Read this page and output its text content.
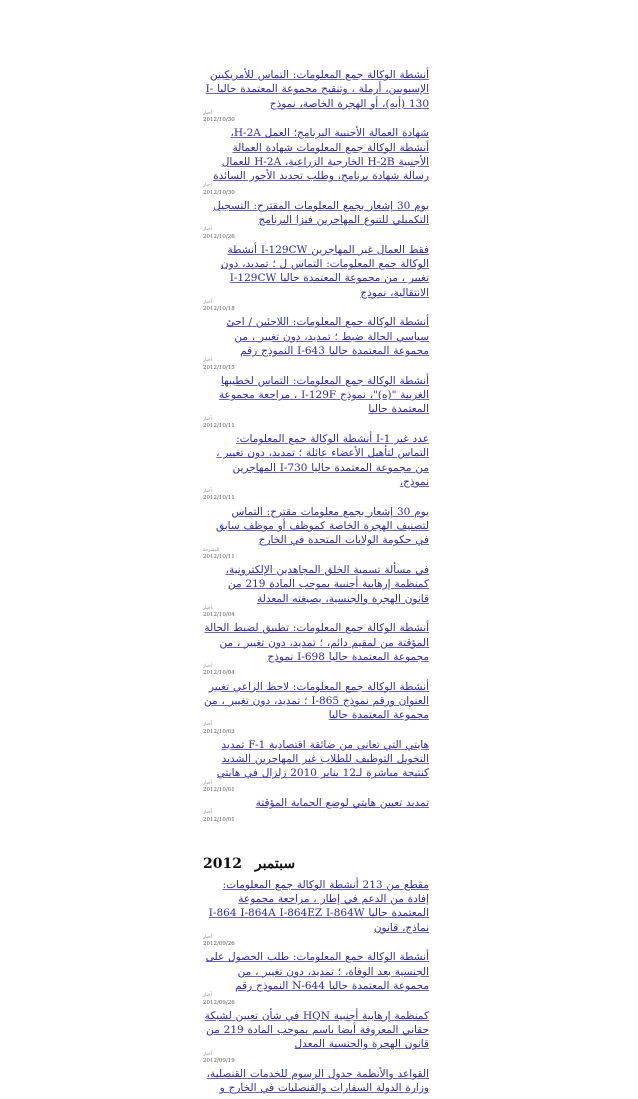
أنشطة الوكالة جمع المعلومات: التماس للأمريكيين الإسبويين، أرملة ، وتنقيح مجموعة المعتمدة حاليا I-130 (أبه)، أو الهجرة الخاصة، نموذج
أخبار
2012/10/30
شهادة العمالة الأجنبية البرنامج؛ العمل H-2A، أنشطة الوكالة جمع المعلومات شهادة العمالة الأجنبية H-2B الخارجية الزراعية، H-2A للعمال رسالة شهادة برنامج، وطلب تحديد الأجور السائدة
أخبار
2012/10/30
يوم 30 إشعار بجمع المعلومات المقترح: التسجيل التكميلي للتنوع المهاجرين فيزا البرنامج
أخبار
2012/10/26
فقط العمال غير المهاجرين I-129CW أنشطة الوكالة جمع المعلومات: التماس ل ؛ تمديد، دون تغيير ، من مجموعة المعتمدة حاليا I-129CW الانتقالية، نموذج
أخبار
2012/10/18
أنشطة الوكالة جمع المعلومات: اللاجئين / اجئ سياسي الحالة ضبط ؛ تمديد، دون تغيير ، من مجموعة المعتمدة حاليا I-643 النموذج رقم
أخبار
2012/10/15
أنشطة الوكالة جمع المعلومات: التماس لخطيبها الغربية "(ه)"، نموذج I-129F ، مراجعة مجموعة المعتمدة حاليا
أخبار
2012/10/11
عدد غير I-1 أنشطة الوكالة جمع المعلومات: التماس لتأهيل الأعضاء عائلة ؛ تمديد، دون تغيير ، من مجموعة المعتمدة حاليا I-730 المهاجرين نموذج،
أخبار
2012/10/11
يوم 30 إشعار بجمع معلومات مقترح: التماس لتصنيف الهجرة الخاصة كموظف أو موظف سابق في حكومة الولايات المتحدة في الخارج
المقترحة
2012/10/11
في مسألة تسمية الخلق المجاهدين الإلكترونية، كمنظمة إرهابية أجنبية بموجب المادة 219 من قانون الهجرة والجنسية، بصيغته المعدلة
أخبار
2012/10/04
أنشطة الوكالة جمع المعلومات: تطبيق لضبط الحالة المؤقتة من لمقيم دائم، ؛ تمديد، دون تغيير ، من مجموعة المعتمدة حاليا I-698 نموذج
أخبار
2012/10/04
أنشطة الوكالة جمع المعلومات: لاحظ الراعي تغيير العنوان ورقم نموذج I-865 ؛ تمديد، دون تغيير ، من مجموعة المعتمدة حاليا
أخبار
2012/10/03
هايتي التي تعاني من ضائقة اقتصادية F-1 تمديد التخويل التوظيف للطلاب غير المهاجرين الشديد كنتيجة مباشرة لـ12 يناير 2010 زلزال في هايتي
أخبار
2012/10/01
تمديد تعيين هايتي لوضع الحماية المؤقتة
أخبار
2012/10/01
سبتمبر 2012
مقطع من 213 أنشطة الوكالة جمع المعلومات: إفادة من الدعم في إطار ، مراجعة مجموعة المعتمدة حاليا I-864 I-864A I-864EZ I-864W نماذج، قانون
أخبار
2012/09/26
أنشطة الوكالة جمع المعلومات: طلب الحصول على الجنسية بعد الوفاة، ؛ تمديد، دون تغيير ، من مجموعة المعتمدة حاليا N-644 النموذج رقم
أخبار
2012/09/26
كمنظمة إرهابية أجنبية HQN في شأن تعيين لشبكة حقاني المعروفة أيضا باسم بموجب المادة 219 من قانون الهجرة والجنسية المعدل
أخبار
2012/09/19
القواعد والأنظمة جدول الرسوم للخدمات القنصلية، وزارة الدولة السفارات والقنصليات في الخارج و
